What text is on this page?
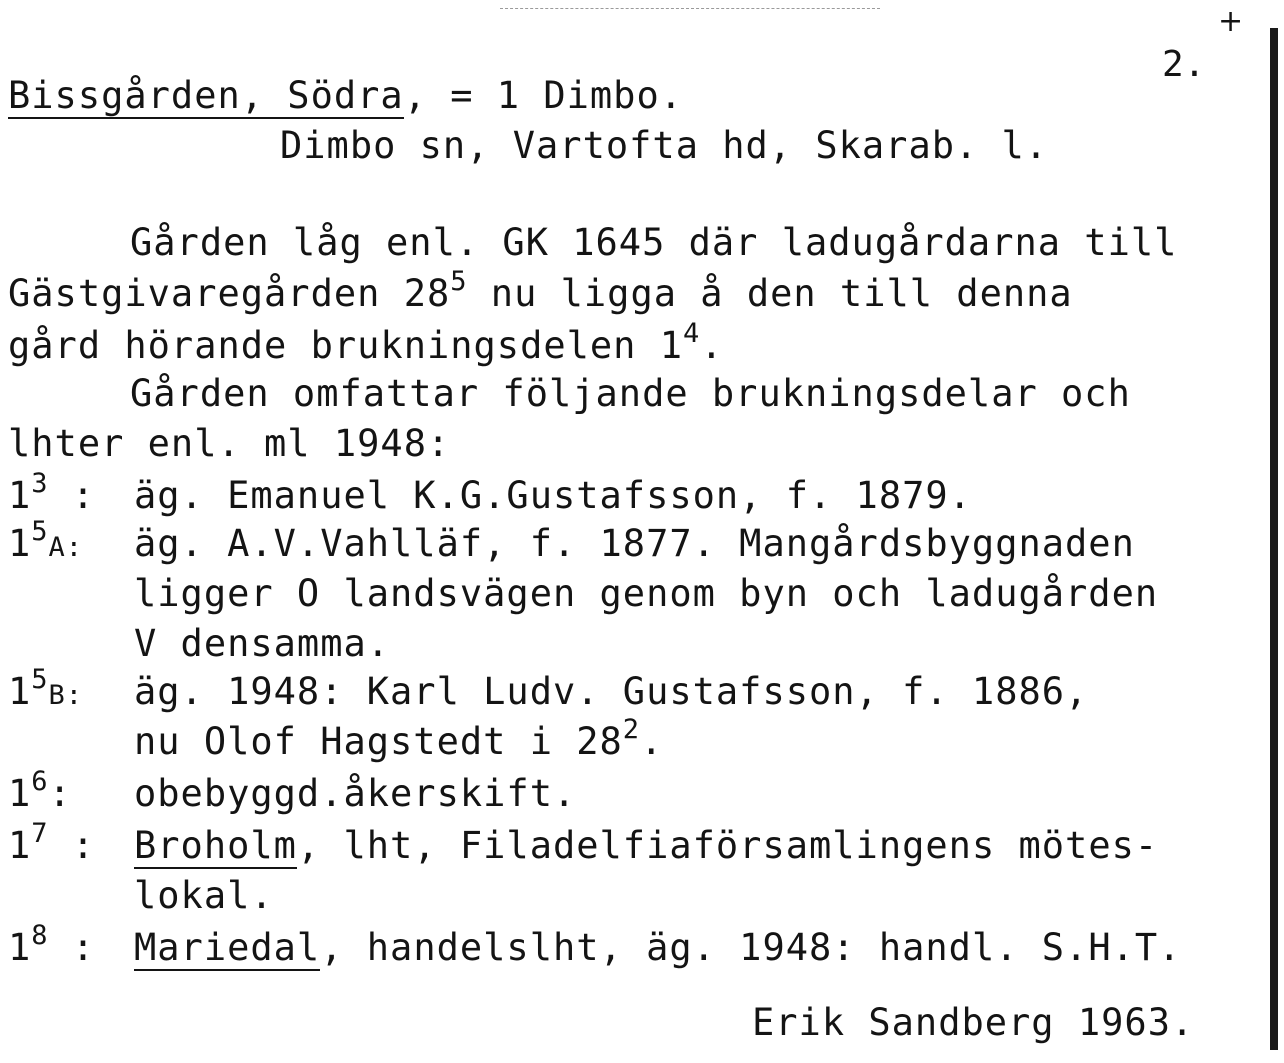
+
2.
Bissgården, Södra, = 1 Dimbo.
Dimbo sn, Vartofta hd, Skarab. l.
Gården låg enl. GK 1645 där ladugårdarna till
Gästgivaregården $28^5$ nu ligga å den till denna
gård hörande brukningsdelen $1^4$.
Gården omfattar följande brukningsdelar och
lhter enl. ml 1948:
$1^3$ : äg. Emanuel K.G.Gustafsson, f. 1879.
$1^5A$: äg. A.V.Vahlläf, f. 1877. Mangårdsbyggnaden
ligger O landsvägen genom byn och ladugården
V densamma.
$1^5B$: äg. 1948: Karl Ludv. Gustafsson, f. 1886,
nu Olof Hagstedt i $28^2$.
$1^6$: obebyggd.åkerskift.
$1^7$ : Broholm, lht, Filadelfiaförsamlingens mötes-
lokal.
$1^8$ : Mariedal, handelslht, äg. 1948: handl. S.H.T.
Erik Sandberg 1963.
